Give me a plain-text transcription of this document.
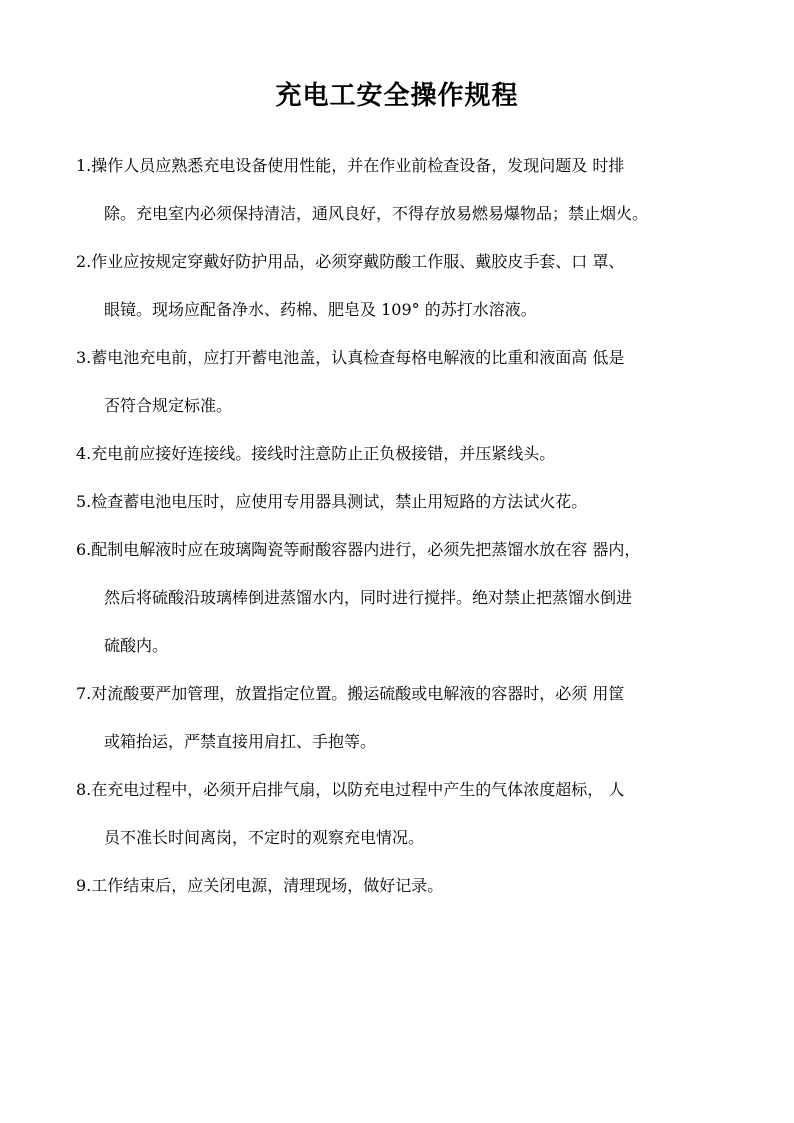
充电工安全操作规程
1.操作人员应熟悉充电设备使用性能，并在作业前检查设备，发现问题及 时排
除。充电室内必须保持清洁，通风良好，不得存放易燃易爆物品；禁止烟火。
2.作业应按规定穿戴好防护用品，必须穿戴防酸工作服、戴胶皮手套、口 罩、
眼镜。现场应配备净水、药棉、肥皂及 109° 的苏打水溶液。
3.蓄电池充电前，应打开蓄电池盖，认真检查每格电解液的比重和液面高 低是
否符合规定标准。
4.充电前应接好连接线。接线时注意防止正负极接错，并压紧线头。
5.检查蓄电池电压时，应使用专用器具测试，禁止用短路的方法试火花。
6.配制电解液时应在玻璃陶瓷等耐酸容器内进行，必须先把蒸馏水放在容 器内，
然后将硫酸沿玻璃棒倒进蒸馏水内，同时进行搅拌。绝对禁止把蒸馏水倒进
硫酸内。
7.对流酸要严加管理，放置指定位置。搬运硫酸或电解液的容器时，必须 用筐
或箱抬运，严禁直接用肩扛、手抱等。
8.在充电过程中，必须开启排气扇，以防充电过程中产生的气体浓度超标， 人
员不准长时间离岗，不定时的观察充电情况。
9.工作结束后，应关闭电源，清理现场，做好记录。
